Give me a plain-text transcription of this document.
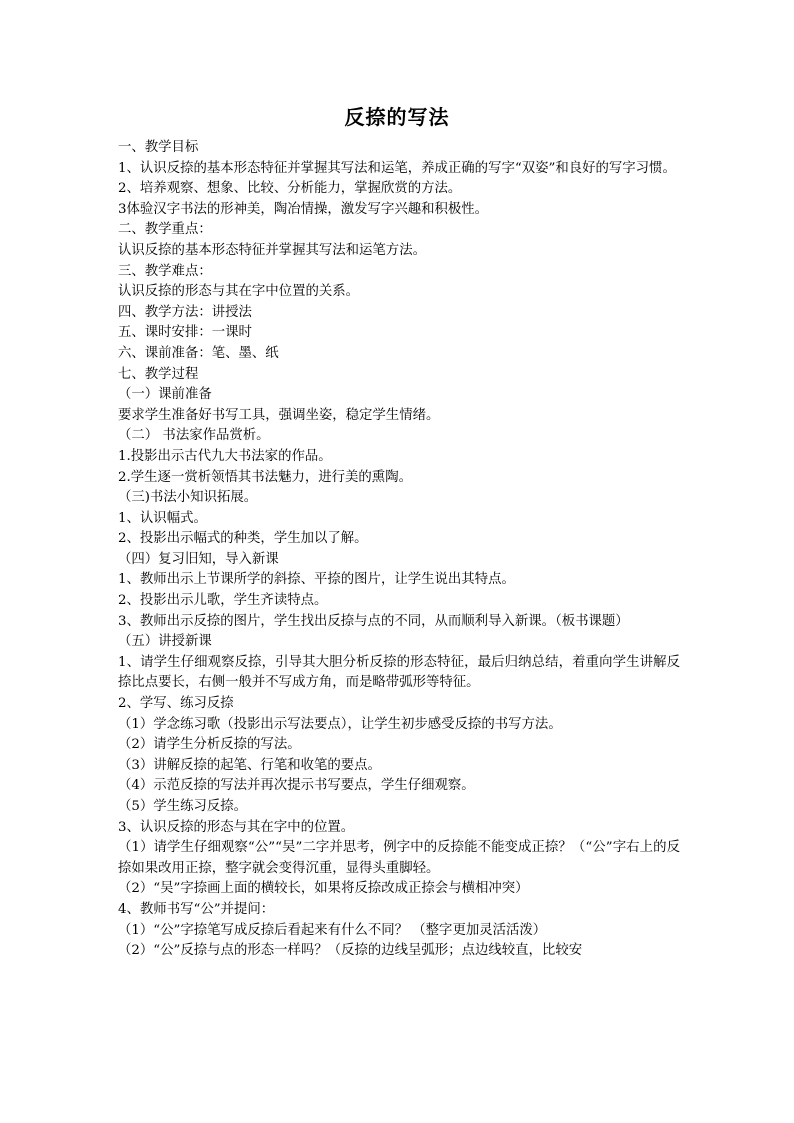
反捺的写法
一、教学目标
1、认识反捺的基本形态特征并掌握其写法和运笔，养成正确的写字“双姿”和良好的写字习惯。
2、培养观察、想象、比较、分析能力，掌握欣赏的方法。
3体验汉字书法的形神美，陶冶情操，激发写字兴趣和积极性。
二、教学重点：
认识反捺的基本形态特征并掌握其写法和运笔方法。
三、教学难点：
认识反捺的形态与其在字中位置的关系。
四、教学方法：讲授法
五、课时安排：一课时
六、课前准备：笔、墨、纸
七、教学过程
（一）课前准备
要求学生准备好书写工具，强调坐姿，稳定学生情绪。
（二） 书法家作品赏析。
1.投影出示古代九大书法家的作品。
2.学生逐一赏析领悟其书法魅力，进行美的熏陶。
（三)书法小知识拓展。
1、认识幅式。
2、投影出示幅式的种类，学生加以了解。
（四）复习旧知，导入新课
1、教师出示上节课所学的斜捺、平捺的图片，让学生说出其特点。
2、投影出示儿歌，学生齐读特点。
3、教师出示反捺的图片，学生找出反捺与点的不同，从而顺利导入新课。（板书课题）
（五）讲授新课
1、请学生仔细观察反捺，引导其大胆分析反捺的形态特征，最后归纳总结，着重向学生讲解反捺比点要长，右侧一般并不写成方角，而是略带弧形等特征。
2、学写、练习反捺
（1）学念练习歌（投影出示写法要点），让学生初步感受反捺的书写方法。
（2）请学生分析反捺的写法。
（3）讲解反捺的起笔、行笔和收笔的要点。
（4）示范反捺的写法并再次提示书写要点，学生仔细观察。
（5）学生练习反捺。
3、认识反捺的形态与其在字中的位置。
（1）请学生仔细观察“公”“吴”二字并思考，例字中的反捺能不能变成正捺？（“公”字右上的反捺如果改用正捺，整字就会变得沉重，显得头重脚轻。
（2）“吴”字捺画上面的横较长，如果将反捺改成正捺会与横相冲突）
4、教师书写“公”并提问：
（1）“公”字捺笔写成反捺后看起来有什么不同？ （整字更加灵活活泼）
（2）“公”反捺与点的形态一样吗？（反捺的边线呈弧形；点边线较直，比较安
